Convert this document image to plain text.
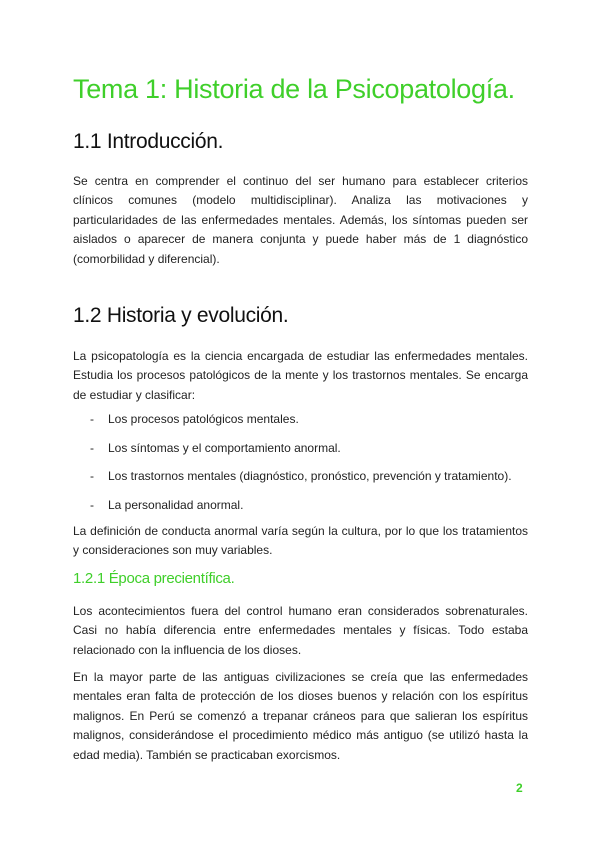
Tema 1: Historia de la Psicopatología.
1.1 Introducción.

Se centra en comprender el continuo del ser humano para establecer criterios clínicos comunes (modelo multidisciplinar). Analiza las motivaciones y particularidades de las enfermedades mentales. Además, los síntomas pueden ser aislados o aparecer de manera conjunta y puede haber más de 1 diagnóstico (comorbilidad y diferencial).

1.2 Historia y evolución.

La psicopatología es la ciencia encargada de estudiar las enfermedades mentales. Estudia los procesos patológicos de la mente y los trastornos mentales. Se encarga de estudiar y clasificar:

- Los procesos patológicos mentales.
- Los síntomas y el comportamiento anormal.
- Los trastornos mentales (diagnóstico, pronóstico, prevención y tratamiento).
- La personalidad anormal.

La definición de conducta anormal varía según la cultura, por lo que los tratamientos y consideraciones son muy variables.

1.2.1 Época precientífica.

Los acontecimientos fuera del control humano eran considerados sobrenaturales. Casi no había diferencia entre enfermedades mentales y físicas. Todo estaba relacionado con la influencia de los dioses.

En la mayor parte de las antiguas civilizaciones se creía que las enfermedades mentales eran falta de protección de los dioses buenos y relación con los espíritus malignos. En Perú se comenzó a trepanar cráneos para que salieran los espíritus malignos, considerándose el procedimiento médico más antiguo (se utilizó hasta la edad media). También se practicaban exorcismos.

2
